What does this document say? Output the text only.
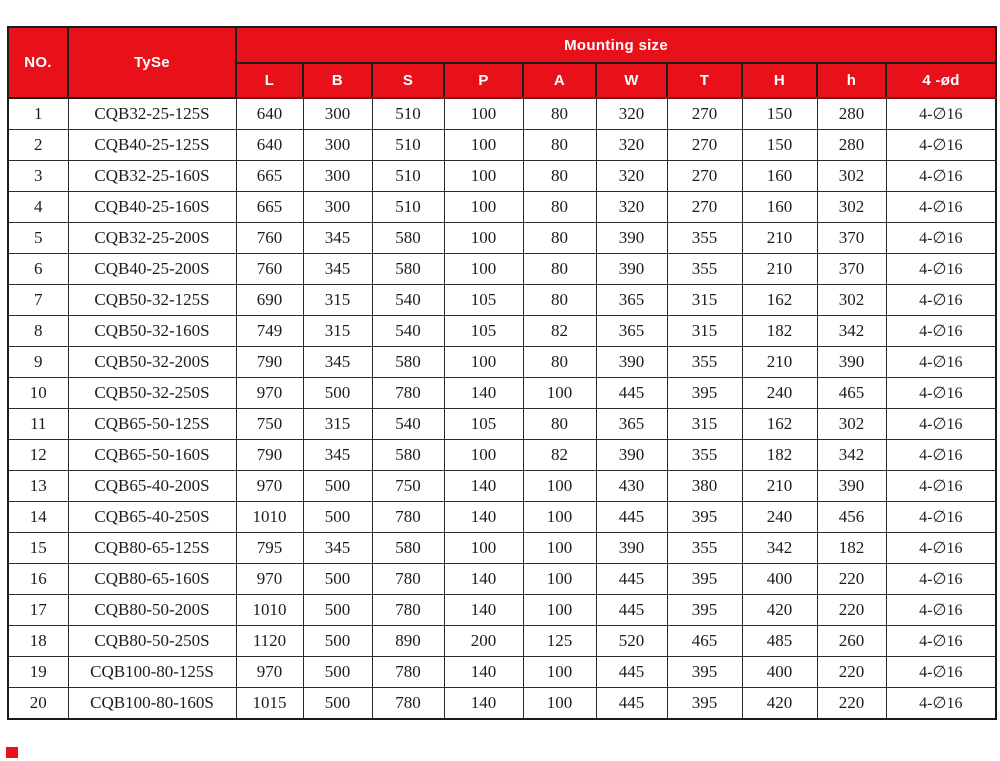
NO.	TySe	Mounting size									
		L	B	S	P	A	W	T	H	h	4 -ød
1	CQB32-25-125S	640	300	510	100	80	320	270	150	280	4-∅16
2	CQB40-25-125S	640	300	510	100	80	320	270	150	280	4-∅16
3	CQB32-25-160S	665	300	510	100	80	320	270	160	302	4-∅16
4	CQB40-25-160S	665	300	510	100	80	320	270	160	302	4-∅16
5	CQB32-25-200S	760	345	580	100	80	390	355	210	370	4-∅16
6	CQB40-25-200S	760	345	580	100	80	390	355	210	370	4-∅16
7	CQB50-32-125S	690	315	540	105	80	365	315	162	302	4-∅16
8	CQB50-32-160S	749	315	540	105	82	365	315	182	342	4-∅16
9	CQB50-32-200S	790	345	580	100	80	390	355	210	390	4-∅16
10	CQB50-32-250S	970	500	780	140	100	445	395	240	465	4-∅16
11	CQB65-50-125S	750	315	540	105	80	365	315	162	302	4-∅16
12	CQB65-50-160S	790	345	580	100	82	390	355	182	342	4-∅16
13	CQB65-40-200S	970	500	750	140	100	430	380	210	390	4-∅16
14	CQB65-40-250S	1010	500	780	140	100	445	395	240	456	4-∅16
15	CQB80-65-125S	795	345	580	100	100	390	355	342	182	4-∅16
16	CQB80-65-160S	970	500	780	140	100	445	395	400	220	4-∅16
17	CQB80-50-200S	1010	500	780	140	100	445	395	420	220	4-∅16
18	CQB80-50-250S	1120	500	890	200	125	520	465	485	260	4-∅16
19	CQB100-80-125S	970	500	780	140	100	445	395	400	220	4-∅16
20	CQB100-80-160S	1015	500	780	140	100	445	395	420	220	4-∅16
